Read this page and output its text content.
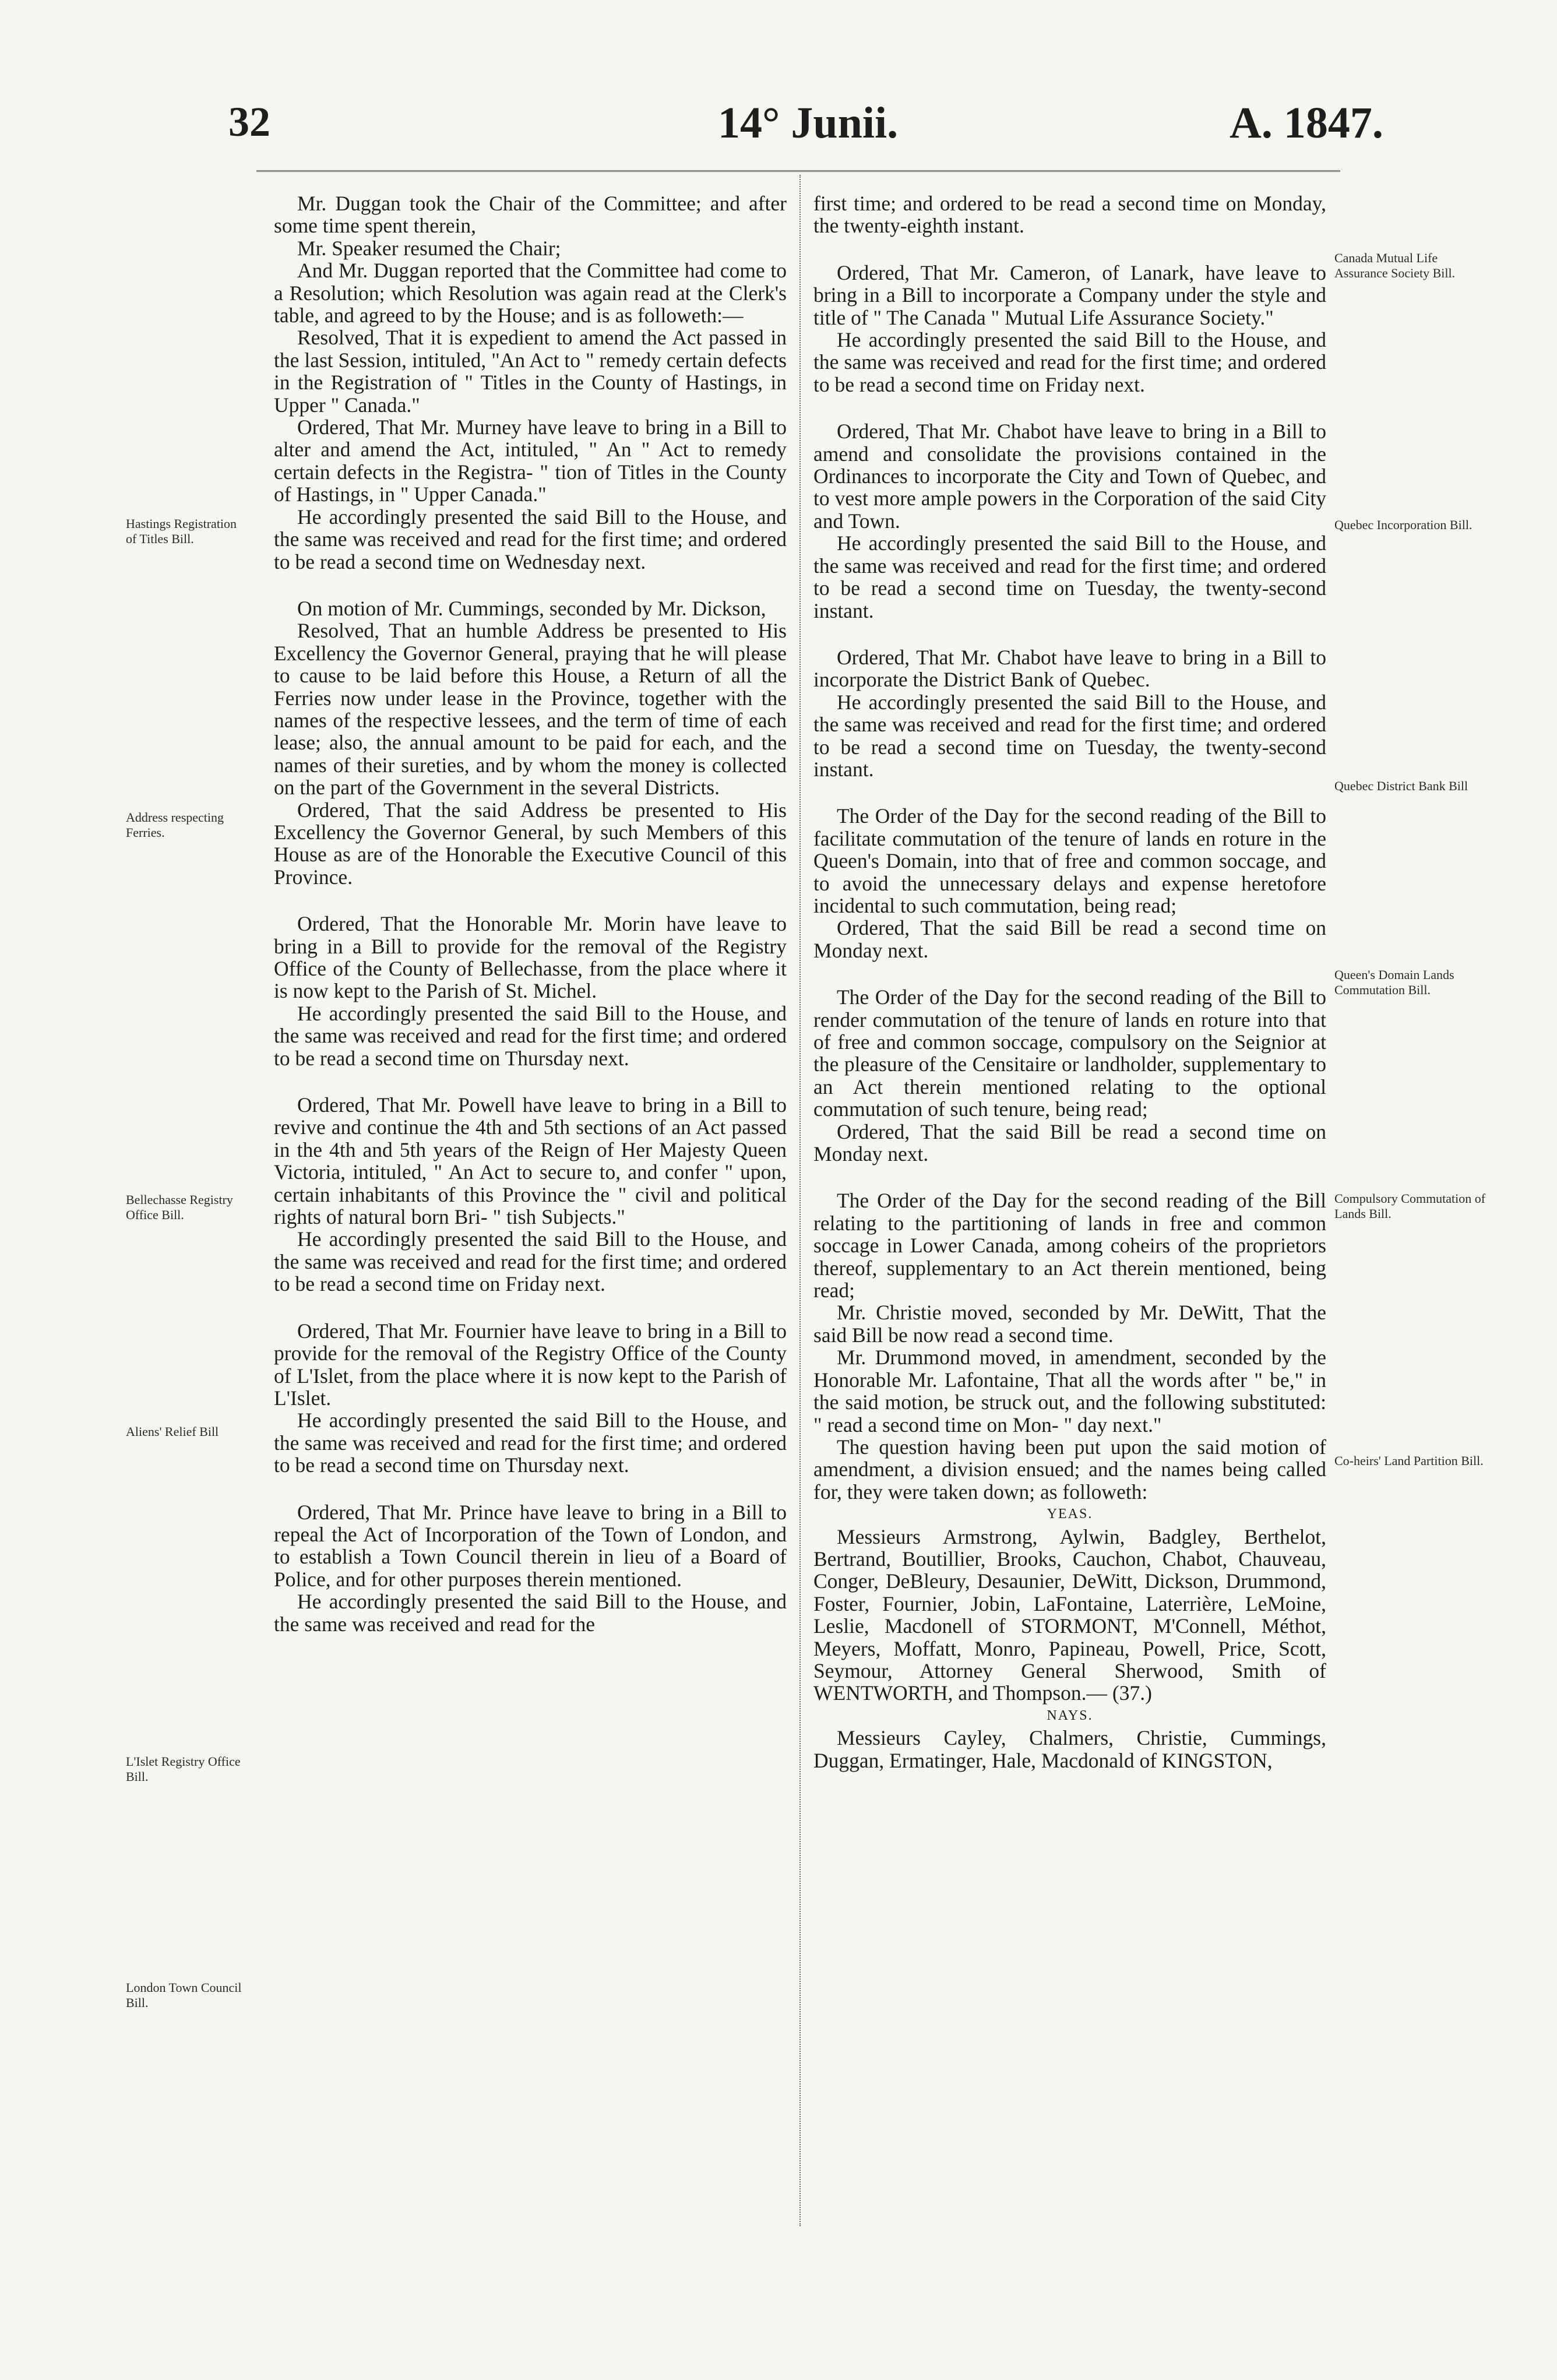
32	14° Junii.	A. 1847.

Mr. Duggan took the Chair of the Committee; and after some time spent therein,

Mr. Speaker resumed the Chair;

And Mr. Duggan reported that the Committee had come to a Resolution; which Resolution was again read at the Clerk's table, and agreed to by the House; and is as followeth:—

Resolved, That it is expedient to amend the Act passed in the last Session, intituled, "An Act to " remedy certain defects in the Registration of " Titles in the County of Hastings, in Upper " Canada."

Ordered, That Mr. Murney have leave to bring in a Bill to alter and amend the Act, intituled, " An " Act to remedy certain defects in the Registra- " tion of Titles in the County of Hastings, in " Upper Canada."

He accordingly presented the said Bill to the House, and the same was received and read for the first time; and ordered to be read a second time on Wednesday next.

On motion of Mr. Cummings, seconded by Mr. Dickson,

Resolved, That an humble Address be presented to His Excellency the Governor General, praying that he will please to cause to be laid before this House, a Return of all the Ferries now under lease in the Province, together with the names of the respective lessees, and the term of time of each lease; also, the annual amount to be paid for each, and the names of their sureties, and by whom the money is collected on the part of the Government in the several Districts.

Ordered, That the said Address be presented to His Excellency the Governor General, by such Members of this House as are of the Honorable the Executive Council of this Province.

Ordered, That the Honorable Mr. Morin have leave to bring in a Bill to provide for the removal of the Registry Office of the County of Bellechasse, from the place where it is now kept to the Parish of St. Michel.

He accordingly presented the said Bill to the House, and the same was received and read for the first time; and ordered to be read a second time on Thursday next.

Ordered, That Mr. Powell have leave to bring in a Bill to revive and continue the 4th and 5th sections of an Act passed in the 4th and 5th years of the Reign of Her Majesty Queen Victoria, intituled, " An Act to secure to, and confer " upon, certain inhabitants of this Province the " civil and political rights of natural born Bri- " tish Subjects."

He accordingly presented the said Bill to the House, and the same was received and read for the first time; and ordered to be read a second time on Friday next.

Ordered, That Mr. Fournier have leave to bring in a Bill to provide for the removal of the Registry Office of the County of L'Islet, from the place where it is now kept to the Parish of L'Islet.

He accordingly presented the said Bill to the House, and the same was received and read for the first time; and ordered to be read a second time on Thursday next.

Ordered, That Mr. Prince have leave to bring in a Bill to repeal the Act of Incorporation of the Town of London, and to establish a Town Council therein in lieu of a Board of Police, and for other purposes therein mentioned.

He accordingly presented the said Bill to the House, and the same was received and read for the

first time; and ordered to be read a second time on Monday, the twenty-eighth instant.

Ordered, That Mr. Cameron, of Lanark, have leave to bring in a Bill to incorporate a Company under the style and title of " The Canada " Mutual Life Assurance Society."

He accordingly presented the said Bill to the House, and the same was received and read for the first time; and ordered to be read a second time on Friday next.

Ordered, That Mr. Chabot have leave to bring in a Bill to amend and consolidate the provisions contained in the Ordinances to incorporate the City and Town of Quebec, and to vest more ample powers in the Corporation of the said City and Town.

He accordingly presented the said Bill to the House, and the same was received and read for the first time; and ordered to be read a second time on Tuesday, the twenty-second instant.

Ordered, That Mr. Chabot have leave to bring in a Bill to incorporate the District Bank of Quebec.

He accordingly presented the said Bill to the House, and the same was received and read for the first time; and ordered to be read a second time on Tuesday, the twenty-second instant.

The Order of the Day for the second reading of the Bill to facilitate commutation of the tenure of lands en roture in the Queen's Domain, into that of free and common soccage, and to avoid the unnecessary delays and expense heretofore incidental to such commutation, being read;

Ordered, That the said Bill be read a second time on Monday next.

The Order of the Day for the second reading of the Bill to render commutation of the tenure of lands en roture into that of free and common soccage, compulsory on the Seignior at the pleasure of the Censitaire or landholder, supplementary to an Act therein mentioned relating to the optional commutation of such tenure, being read;

Ordered, That the said Bill be read a second time on Monday next.

The Order of the Day for the second reading of the Bill relating to the partitioning of lands in free and common soccage in Lower Canada, among coheirs of the proprietors thereof, supplementary to an Act therein mentioned, being read;

Mr. Christie moved, seconded by Mr. DeWitt, That the said Bill be now read a second time.

Mr. Drummond moved, in amendment, seconded by the Honorable Mr. Lafontaine, That all the words after " be," in the said motion, be struck out, and the following substituted: " read a second time on Mon- " day next."

The question having been put upon the said motion of amendment, a division ensued; and the names being called for, they were taken down; as followeth:

YEAS.

Messieurs Armstrong, Aylwin, Badgley, Berthelot, Bertrand, Boutillier, Brooks, Cauchon, Chabot, Chauveau, Conger, DeBleury, Desaunier, DeWitt, Dickson, Drummond, Foster, Fournier, Jobin, LaFontaine, Laterrière, LeMoine, Leslie, Macdonell of STORMONT, M'Connell, Méthot, Meyers, Moffatt, Monro, Papineau, Powell, Price, Scott, Seymour, Attorney General Sherwood, Smith of WENTWORTH, and Thompson.— (37.)

NAYS.

Messieurs Cayley, Chalmers, Christie, Cummings, Duggan, Ermatinger, Hale, Macdonald of KINGSTON,

Hastings Registration of Titles Bill.
Address respecting Ferries.
Bellechasse Registry Office Bill.
Aliens' Relief Bill
L'Islet Registry Office Bill.
London Town Council Bill.
Canada Mutual Life Assurance Society Bill.
Quebec Incorporation Bill.
Quebec District Bank Bill
Queen's Domain Lands Commutation Bill.
Compulsory Commutation of Lands Bill.
Co-heirs' Land Partition Bill.
